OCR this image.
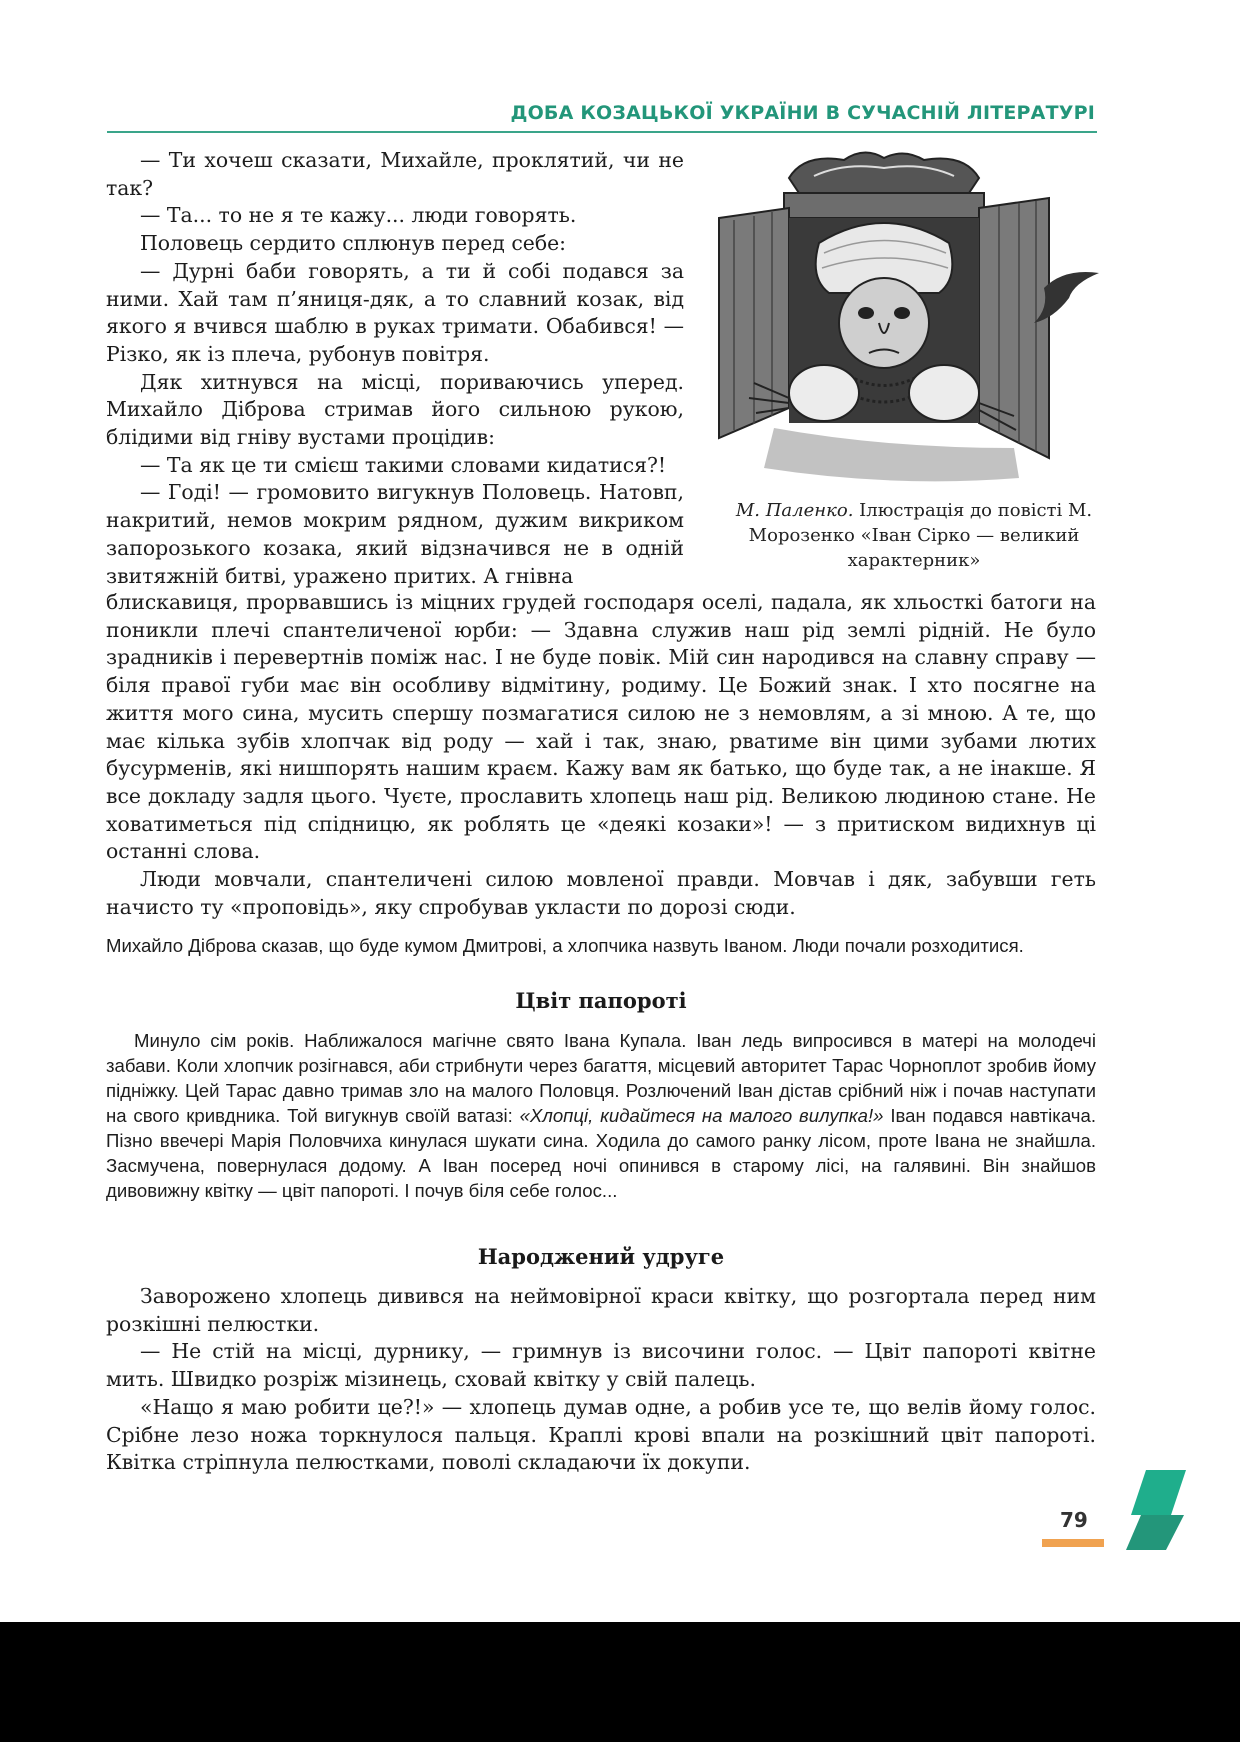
ДОБА КОЗАЦЬКОЇ УКРАЇНИ В СУЧАСНІЙ ЛІТЕРАТУРІ

— Ти хочеш сказати, Михайле, проклятий, чи не так?

— Та... то не я те кажу... люди говорять.

Половець сердито сплюнув перед себе:

— Дурні баби говорять, а ти й собі подався за ними. Хай там п’яниця-дяк, а то славний козак, від якого я вчився шаблю в руках тримати. Обабився! — Різко, як із плеча, рубонув повітря.

Дяк хитнувся на місці, пориваючись уперед. Михайло Діброва стримав його сильною рукою, блідими від гніву вустами процідив:

— Та як це ти смієш такими словами кидатися?!

— Годі! — громовито вигукнув Половець. Натовп, накритий, немов мокрим рядном, дужим викриком запорозького козака, який відзначився не в одній звитяжній битві, уражено притих. А гнівна

М. Паленко. Ілюстрація до повісті М. Морозенко «Іван Сірко — великий характерник»

блискавиця, прорвавшись із міцних грудей господаря оселі, падала, як хльосткі батоги на поникли плечі спантеличеної юрби: — Здавна служив наш рід землі рідній. Не було зрадників і перевертнів поміж нас. І не буде повік. Мій син народився на славну справу — біля правої губи має він особливу відмітину, родиму. Це Божий знак. І хто посягне на життя мого сина, мусить спершу позмагатися силою не з немовлям, а зі мною. А те, що має кілька зубів хлопчак від роду — хай і так, знаю, рватиме він цими зубами лютих бусурменів, які нишпорять нашим краєм. Кажу вам як батько, що буде так, а не інакше. Я все докладу задля цього. Чуєте, прославить хлопець наш рід. Великою людиною стане. Не ховатиметься під спідницю, як роблять це «деякі козаки»! — з притиском видихнув ці останні слова.

Люди мовчали, спантеличені силою мовленої правди. Мовчав і дяк, забувши геть начисто ту «проповідь», яку спробував укласти по дорозі сюди.

Михайло Діброва сказав, що буде кумом Дмитрові, а хлопчика назвуть Іваном. Люди почали розходитися.

Цвіт папороті

Минуло сім років. Наближалося магічне свято Івана Купала. Іван ледь випросився в матері на молодечі забави. Коли хлопчик розігнався, аби стрибнути через багаття, місцевий авторитет Тарас Чорноплот зробив йому підніжку. Цей Тарас давно тримав зло на малого Половця. Розлючений Іван дістав срібний ніж і почав наступати на свого кривдника. Той вигукнув своїй ватазі: «Хлопці, кидайтеся на малого вилупка!» Іван подався навтікача. Пізно ввечері Марія Половчиха кинулася шукати сина. Ходила до самого ранку лісом, проте Івана не знайшла. Засмучена, повернулася додому. А Іван посеред ночі опинився в старому лісі, на галявині. Він знайшов дивовижну квітку — цвіт папороті. І почув біля себе голос...

Народжений удруге

Заворожено хлопець дивився на неймовірної краси квітку, що розгортала перед ним розкішні пелюстки.

— Не стій на місці, дурнику, — гримнув із височини голос. — Цвіт папороті квітне мить. Швидко розріж мізинець, сховай квітку у свій палець.

«Нащо я маю робити це?!» — хлопець думав одне, а робив усе те, що велів йому голос. Срібне лезо ножа торкнулося пальця. Краплі крові впали на розкішний цвіт папороті. Квітка стріпнула пелюстками, поволі складаючи їх докупи.

79
